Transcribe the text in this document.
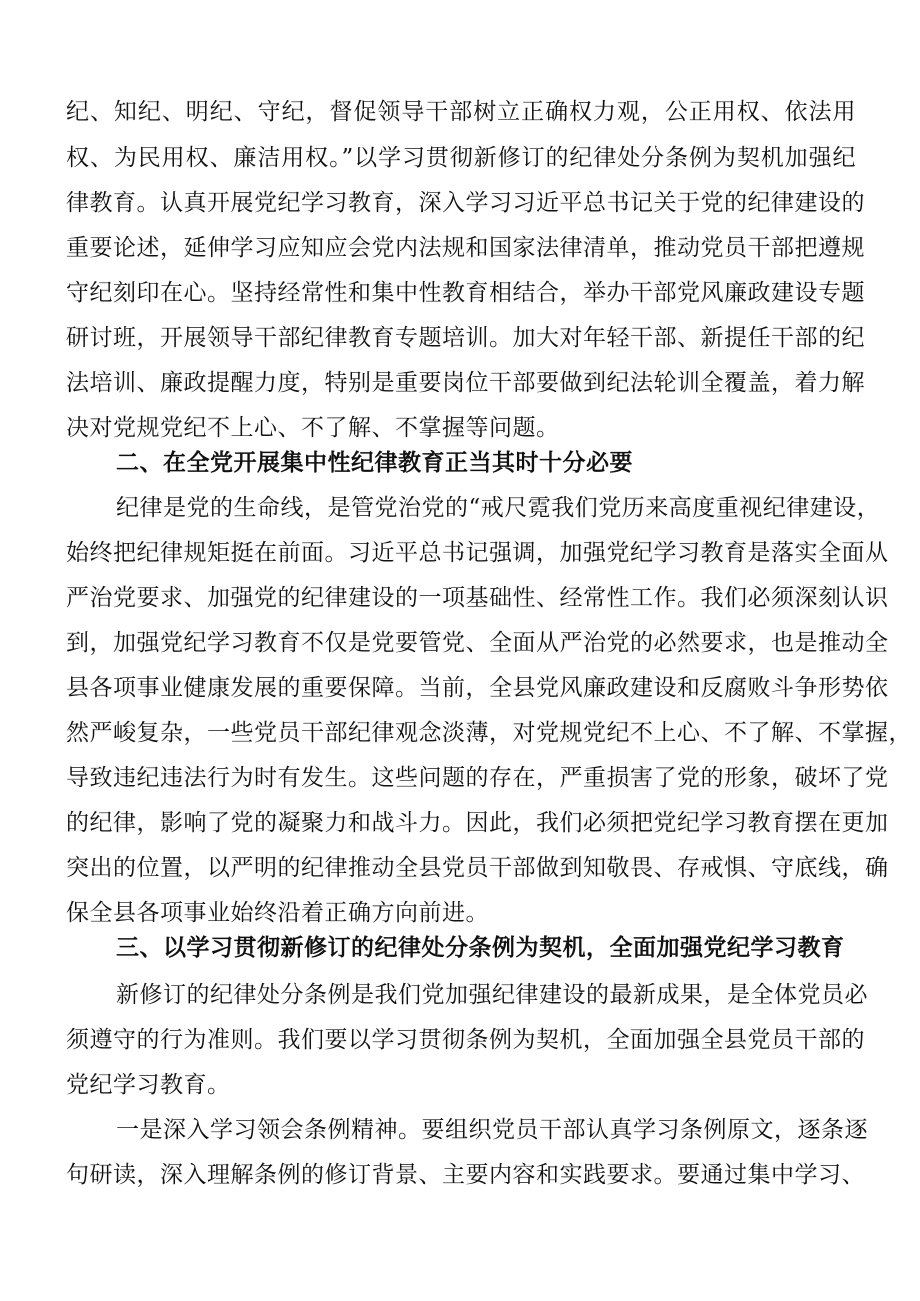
纪、知纪、明纪、守纪，督促领导干部树立正确权力观，公正用权、依法用
权、为民用权、廉洁用权。”以学习贯彻新修订的纪律处分条例为契机加强纪
律教育。认真开展党纪学习教育，深入学习习近平总书记关于党的纪律建设的
重要论述，延伸学习应知应会党内法规和国家法律清单，推动党员干部把遵规
守纪刻印在心。坚持经常性和集中性教育相结合，举办干部党风廉政建设专题
研讨班，开展领导干部纪律教育专题培训。加大对年轻干部、新提任干部的纪
法培训、廉政提醒力度，特别是重要岗位干部要做到纪法轮训全覆盖，着力解
决对党规党纪不上心、不了解、不掌握等问题。
二、在全党开展集中性纪律教育正当其时十分必要
纪律是党的生命线，是管党治党的“戒尺霓我们党历来高度重视纪律建设，
始终把纪律规矩挺在前面。习近平总书记强调，加强党纪学习教育是落实全面从
严治党要求、加强党的纪律建设的一项基础性、经常性工作。我们必须深刻认识
到，加强党纪学习教育不仅是党要管党、全面从严治党的必然要求，也是推动全
县各项事业健康发展的重要保障。当前，全县党风廉政建设和反腐败斗争形势依
然严峻复杂，一些党员干部纪律观念淡薄，对党规党纪不上心、不了解、不掌握，
导致违纪违法行为时有发生。这些问题的存在，严重损害了党的形象，破坏了党
的纪律，影响了党的凝聚力和战斗力。因此，我们必须把党纪学习教育摆在更加
突出的位置，以严明的纪律推动全县党员干部做到知敬畏、存戒惧、守底线，确
保全县各项事业始终沿着正确方向前进。
三、以学习贯彻新修订的纪律处分条例为契机，全面加强党纪学习教育
新修订的纪律处分条例是我们党加强纪律建设的最新成果，是全体党员必
须遵守的行为准则。我们要以学习贯彻条例为契机，全面加强全县党员干部的
党纪学习教育。
一是深入学习领会条例精神。要组织党员干部认真学习条例原文，逐条逐
句研读，深入理解条例的修订背景、主要内容和实践要求。要通过集中学习、
